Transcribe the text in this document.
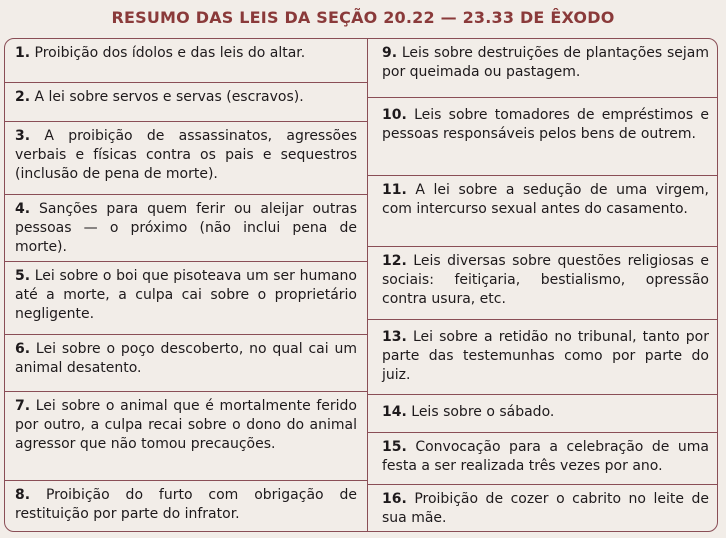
RESUMO DAS LEIS DA SEÇÃO 20.22 — 23.33 DE ÊXODO
1. Proibição dos ídolos e das leis do altar.
2. A lei sobre servos e servas (escravos).
3. A proibição de assassinatos, agressões verbais e físicas contra os pais e sequestros (inclusão de pena de morte).
4. Sanções para quem ferir ou aleijar outras pessoas — o próximo (não inclui pena de morte).
5. Lei sobre o boi que pisoteava um ser humano até a morte, a culpa cai sobre o proprietário negligente.
6. Lei sobre o poço descoberto, no qual cai um animal desatento.
7. Lei sobre o animal que é mortalmente ferido por outro, a culpa recai sobre o dono do animal agressor que não tomou precauções.
8. Proibição do furto com obrigação de restituição por parte do infrator.
9. Leis sobre destruições de plantações sejam por queimada ou pastagem.
10. Leis sobre tomadores de empréstimos e pessoas responsáveis pelos bens de outrem.
11. A lei sobre a sedução de uma virgem, com intercurso sexual antes do casamento.
12. Leis diversas sobre questões religiosas e sociais: feitiçaria, bestialismo, opressão contra usura, etc.
13. Lei sobre a retidão no tribunal, tanto por parte das testemunhas como por parte do juiz.
14. Leis sobre o sábado.
15. Convocação para a celebração de uma festa a ser realizada três vezes por ano.
16. Proibição de cozer o cabrito no leite de sua mãe.
